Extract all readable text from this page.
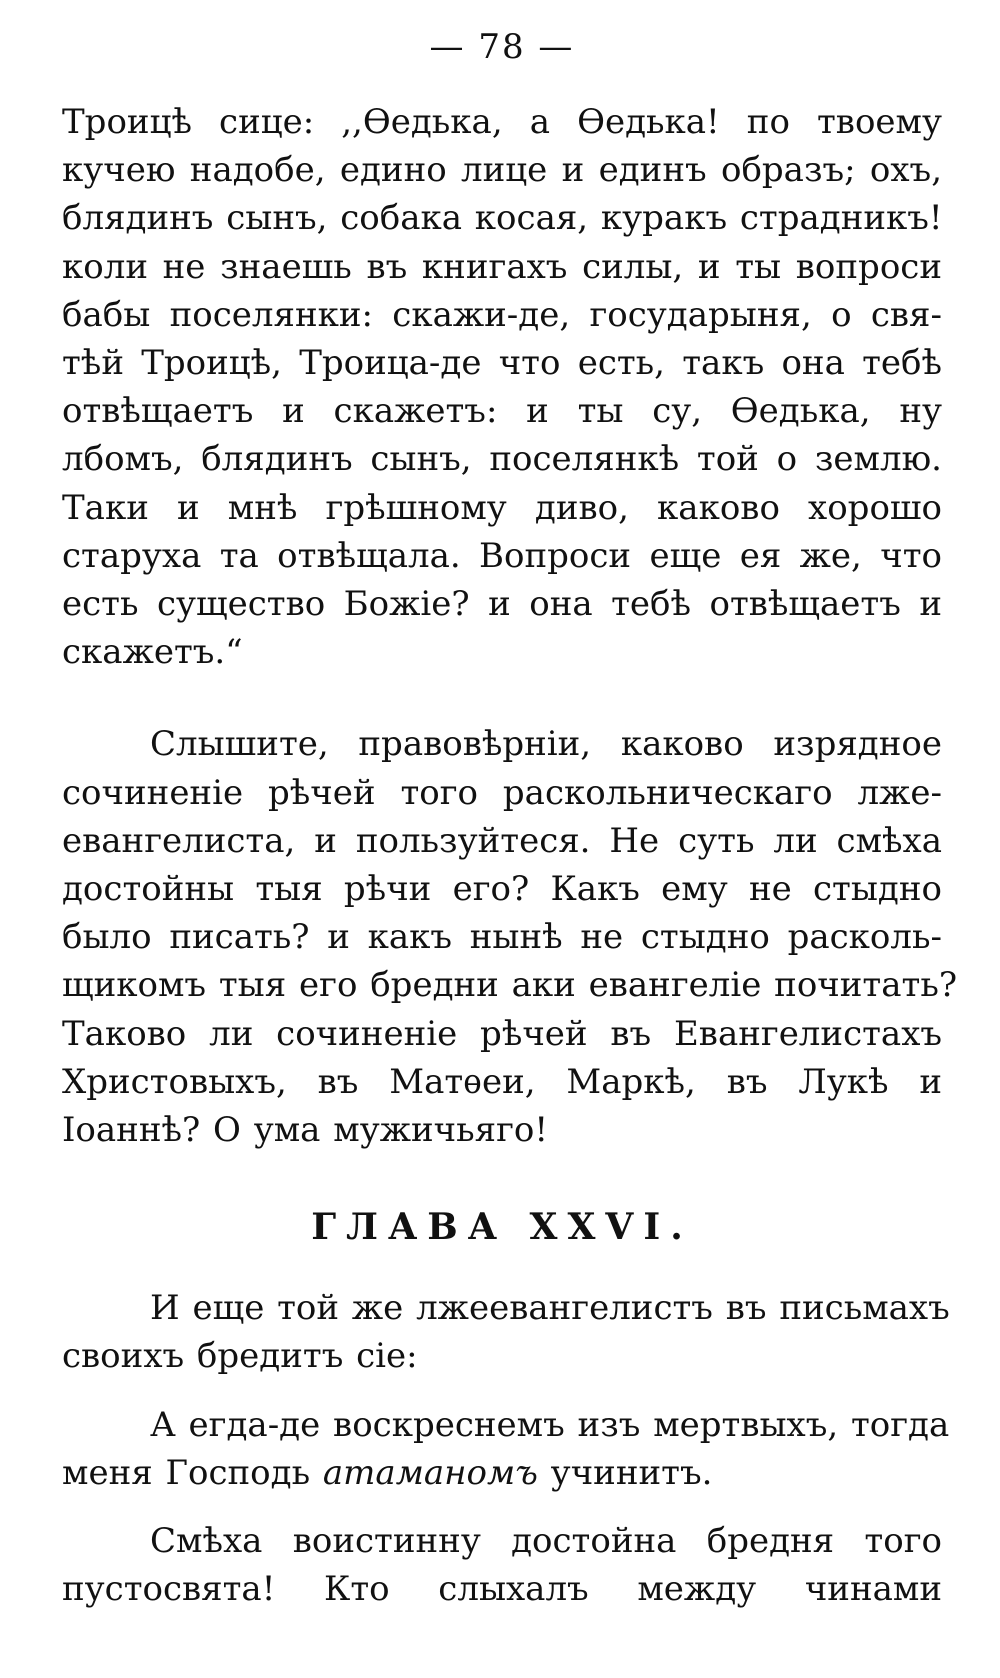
— 78 —

Троицѣ сице: ,,Ѳедька, а Ѳедька! по твоему
кучею надобе, едино лице и единъ образъ; охъ,
блядинъ сынъ, собака косая, куракъ страдникъ!
коли не знаешь въ книгахъ силы, и ты вопроси
бабы поселянки: скажи-де, государыня, о свя-
тѣй Троицѣ, Троица-де что есть, такъ она тебѣ
отвѣщаетъ и скажетъ: и ты су, Ѳедька, ну
лбомъ, блядинъ сынъ, поселянкѣ той о землю.
Таки и мнѣ грѣшному диво, каково хорошо
старуха та отвѣщала. Вопроси еще ея же, что
есть существо Божіе? и она тебѣ отвѣщаетъ и
скажетъ.“

Слышите, правовѣрніи, каково изрядное
сочиненіе рѣчей того раскольническаго лже-
евангелиста, и пользуйтеся. Не суть ли смѣха
достойны тыя рѣчи его? Какъ ему не стыдно
было писать? и какъ нынѣ не стыдно расколь-
щикомъ тыя его бредни аки евангеліе почитать?
Таково ли сочиненіе рѣчей въ Евангелистахъ
Христовыхъ, въ Матѳеи, Маркѣ, въ Лукѣ и
Іоаннѣ? О ума мужичьяго!

ГЛАВА XXVI.

И еще той же лжеевангелистъ въ письмахъ
своихъ бредитъ сіе:

А егда-де воскреснемъ изъ мертвыхъ, тогда
меня Господь атаманомъ учинитъ.

Смѣха воистинну достойна бредня того
пустосвята! Кто слыхалъ между чинами
